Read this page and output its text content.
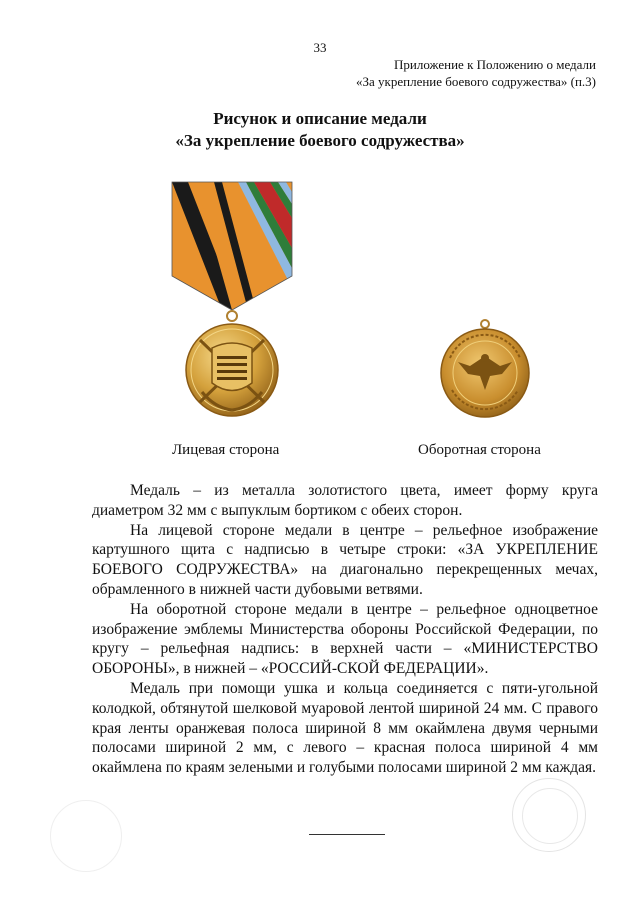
33
Приложение к Положению о медали
«За укрепление боевого содружества» (п.3)
Рисунок и описание медали
«За укрепление боевого содружества»
Лицевая сторона	Оборотная сторона

Медаль – из металла золотистого цвета, имеет форму круга диаметром 32 мм с выпуклым бортиком с обеих сторон.

На лицевой стороне медали в центре – рельефное изображение картушного щита с надписью в четыре строки: «ЗА УКРЕПЛЕНИЕ БОЕВОГО СОДРУЖЕСТВА» на диагонально перекрещенных мечах, обрамленного в нижней части дубовыми ветвями.

На оборотной стороне медали в центре – рельефное одноцветное изображение эмблемы Министерства обороны Российской Федерации, по кругу – рельефная надпись: в верхней части – «МИНИСТЕРСТВО ОБОРОНЫ», в нижней – «РОССИЙ-СКОЙ ФЕДЕРАЦИИ».

Медаль при помощи ушка и кольца соединяется с пяти-угольной колодкой, обтянутой шелковой муаровой лентой шириной 24 мм. С правого края ленты оранжевая полоса шириной 8 мм окаймлена двумя черными полосами шириной 2 мм, с левого – красная полоса шириной 4 мм окаймлена по краям зелеными и голубыми полосами шириной 2 мм каждая.
